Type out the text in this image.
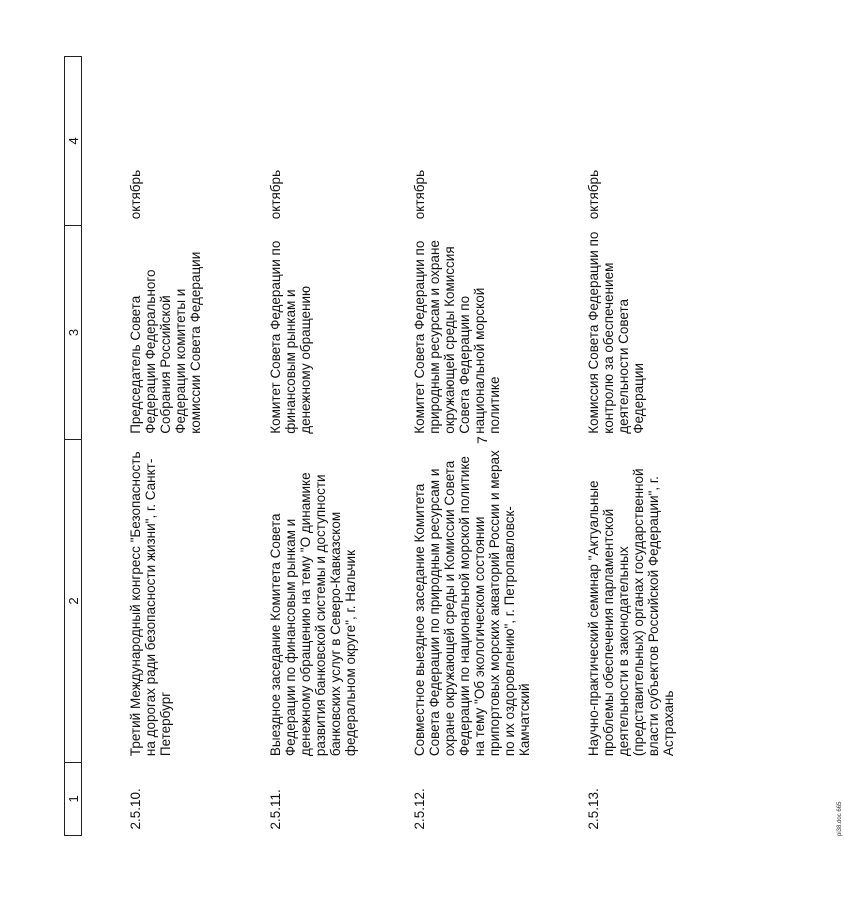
1	2	3	4
2.5.10.	Третий Международный конгресс "Безопасность на дорогах ради безопасности жизни", г. Санкт-Петербург	Председатель Совета Федерации Федерального Собрания Российской Федерации комитеты и комиссии Совета Федерации	октябрь
2.5.11.	Выездное заседание Комитета Совета Федерации по финансовым рынкам и денежному обращению на тему "О динамике развития банковской системы и доступности банковских услуг в Северо-Кавказском федеральном округе", г. Нальчик	Комитет Совета Федерации по финансовым рынкам и денежному обращению	октябрь
2.5.12.	Совместное выездное заседание Комитета Совета Федерации по природным ресурсам и охране окружающей среды и Комиссии Совета Федерации по национальной морской политике на тему "Об экологическом состоянии припортовых морских акваторий России и мерах по их оздоровлению", г. Петропавловск-Камчатский	Комитет Совета Федерации по природным ресурсам и охране окружающей среды Комиссия Совета Федерации по национальной морской политике	октябрь
2.5.13.	Научно-практический семинар "Актуальные проблемы обеспечения парламентской деятельности в законодательных (представительных) органах государственной власти субъектов Российской Федерации", г. Астрахань	Комиссия Совета Федерации по контролю за обеспечением деятельности Совета Федерации	октябрь
7
pi38.doc 665
